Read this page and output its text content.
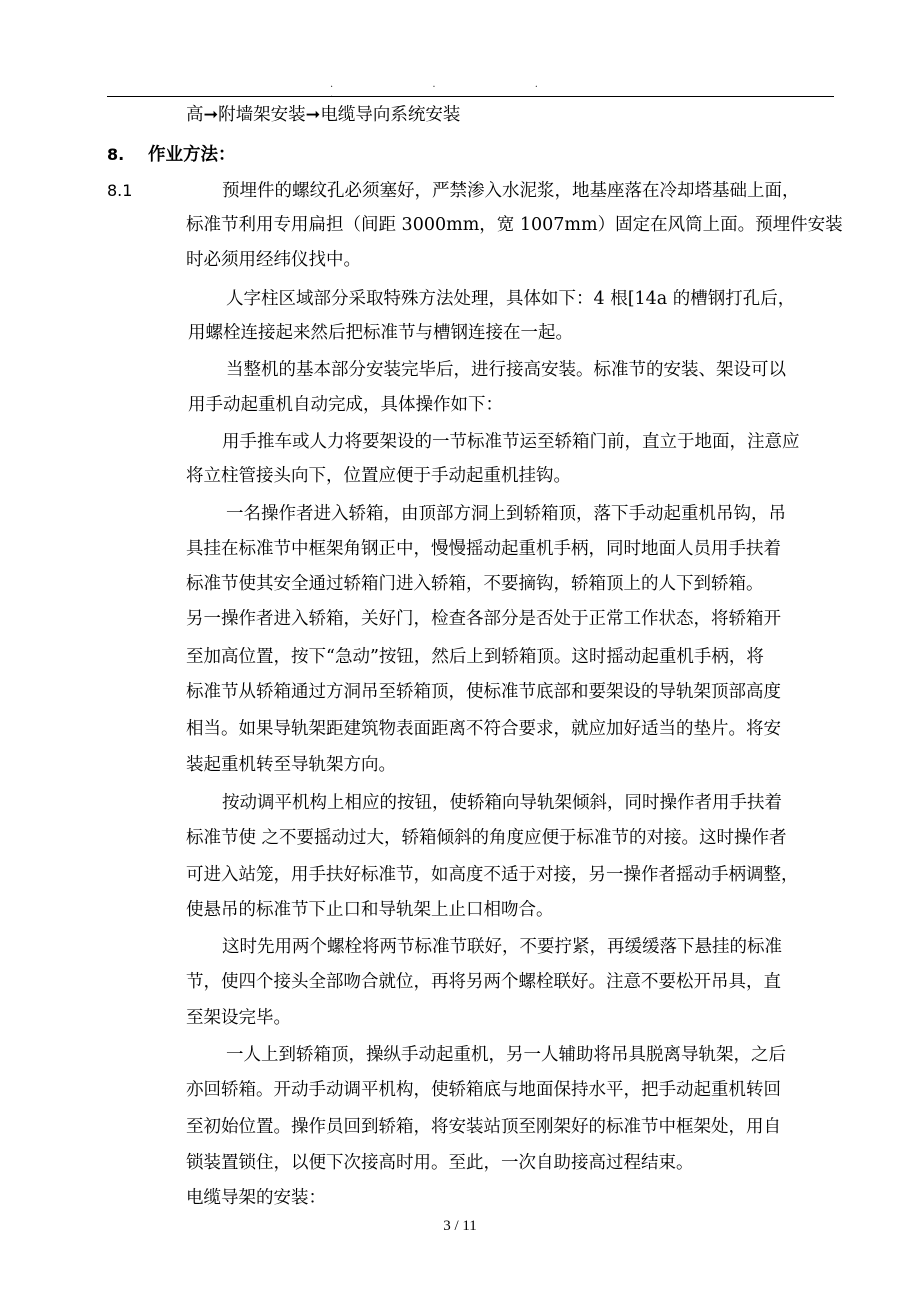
. . . .
高➞附墙架安装➞电缆导向系统安装
8. 作业方法：
8.1	预埋件的螺纹孔必须塞好，严禁渗入水泥浆，地基座落在冷却塔基础上面，
标准节利用专用扁担（间距 3000mm，宽 1007mm）固定在风筒上面。预埋件安装
时必须用经纬仪找中。
人字柱区域部分采取特殊方法处理，具体如下：4 根[14a 的槽钢打孔后，
用螺栓连接起来然后把标准节与槽钢连接在一起。
当整机的基本部分安装完毕后，进行接高安装。标准节的安装、架设可以
用手动起重机自动完成，具体操作如下：
用手推车或人力将要架设的一节标准节运至轿箱门前，直立于地面，注意应
将立柱管接头向下，位置应便于手动起重机挂钩。
一名操作者进入轿箱，由顶部方洞上到轿箱顶，落下手动起重机吊钩，吊
具挂在标准节中框架角钢正中，慢慢摇动起重机手柄，同时地面人员用手扶着
标准节使其安全通过轿箱门进入轿箱，不要摘钩，轿箱顶上的人下到轿箱。
另一操作者进入轿箱，关好门，检查各部分是否处于正常工作状态，将轿箱开
至加高位置，按下“急动”按钮，然后上到轿箱顶。这时摇动起重机手柄，将
标准节从轿箱通过方洞吊至轿箱顶，使标准节底部和要架设的导轨架顶部高度
相当。如果导轨架距建筑物表面距离不符合要求，就应加好适当的垫片。将安
装起重机转至导轨架方向。
按动调平机构上相应的按钮，使轿箱向导轨架倾斜，同时操作者用手扶着
标准节使 之不要摇动过大，轿箱倾斜的角度应便于标准节的对接。这时操作者
可进入站笼，用手扶好标准节，如高度不适于对接，另一操作者摇动手柄调整，
使悬吊的标准节下止口和导轨架上止口相吻合。
这时先用两个螺栓将两节标准节联好，不要拧紧，再缓缓落下悬挂的标准
节，使四个接头全部吻合就位，再将另两个螺栓联好。注意不要松开吊具，直
至架设完毕。
一人上到轿箱顶，操纵手动起重机，另一人辅助将吊具脱离导轨架，之后
亦回轿箱。开动手动调平机构，使轿箱底与地面保持水平，把手动起重机转回
至初始位置。操作员回到轿箱，将安装站顶至刚架好的标准节中框架处，用自
锁装置锁住，以便下次接高时用。至此，一次自助接高过程结束。
电缆导架的安装：
3 / 11
